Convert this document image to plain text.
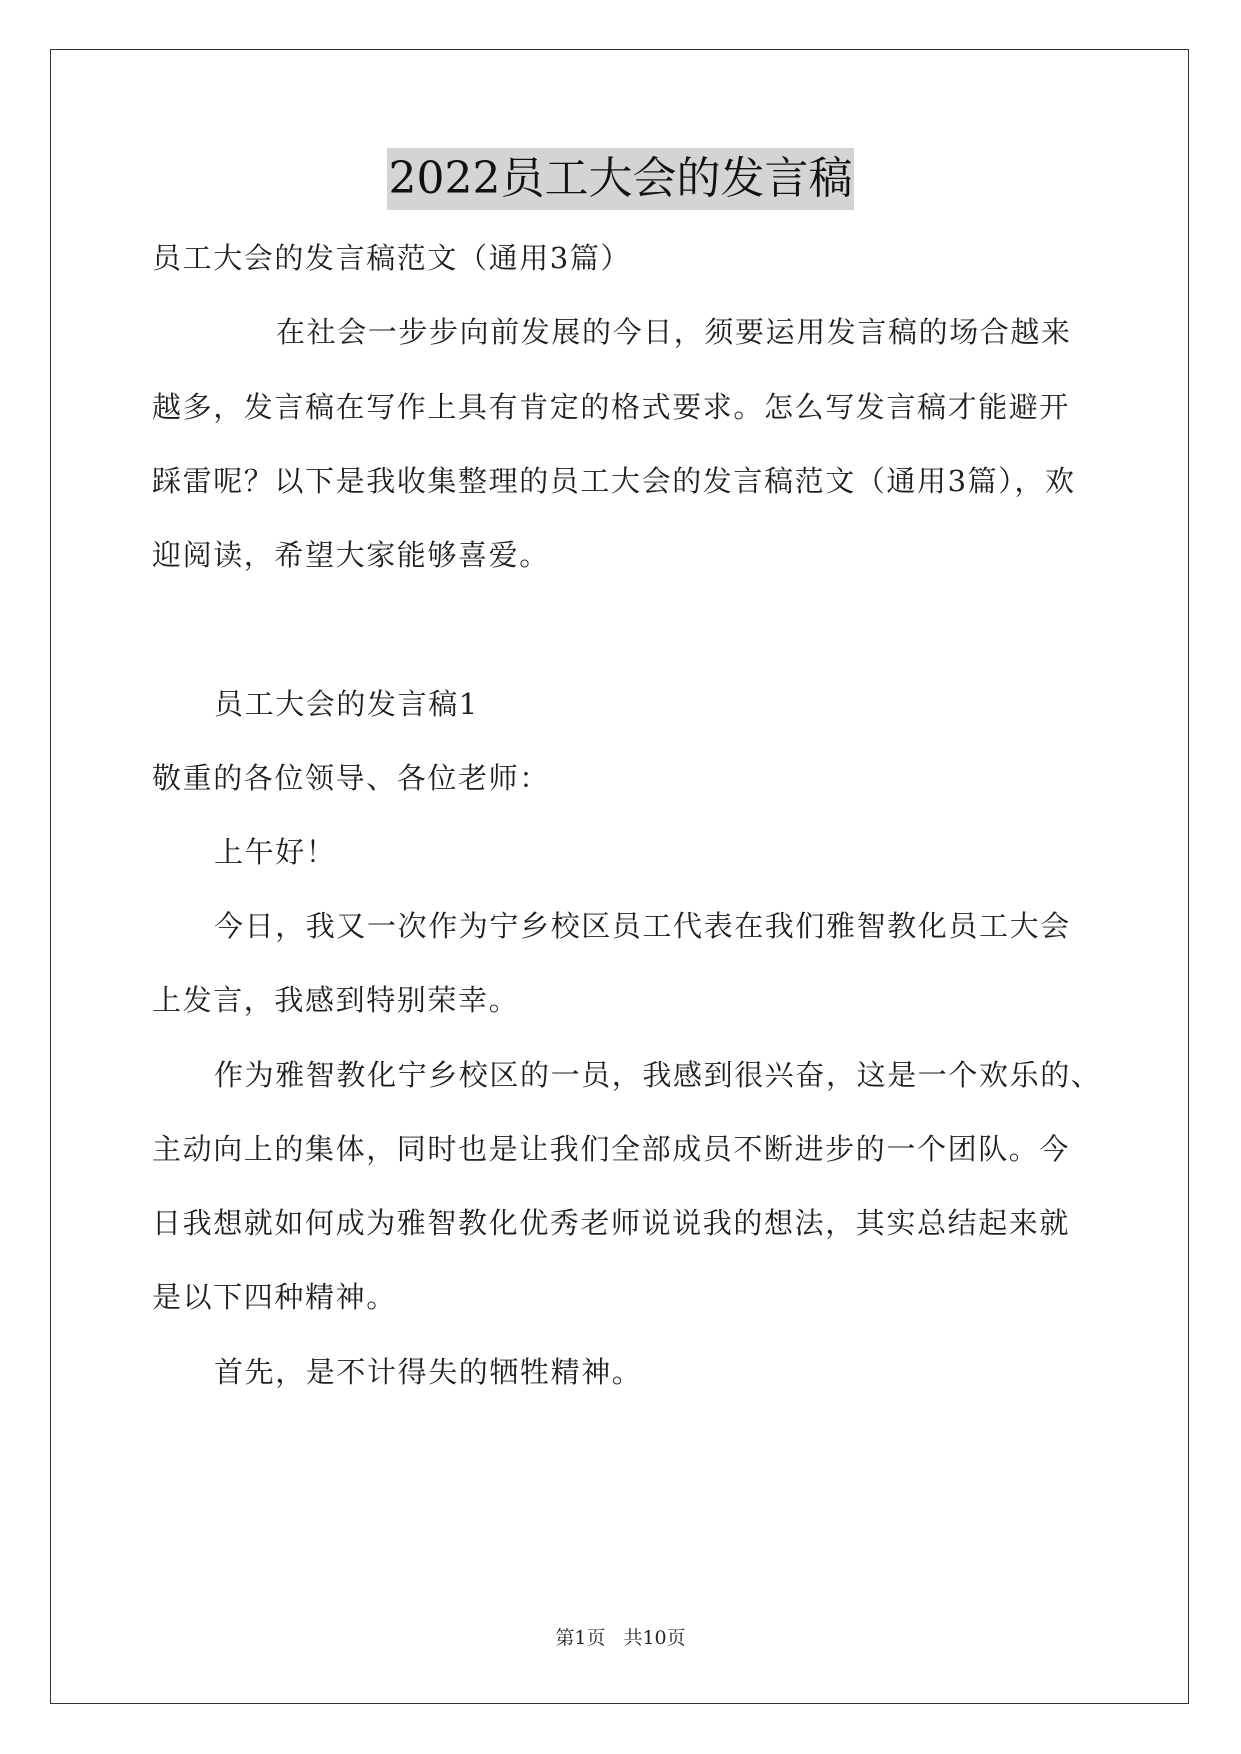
2022员工大会的发言稿
员工大会的发言稿范文（通用3篇）
在社会一步步向前发展的今日，须要运用发言稿的场合越来
越多，发言稿在写作上具有肯定的格式要求。怎么写发言稿才能避开
踩雷呢？以下是我收集整理的员工大会的发言稿范文（通用3篇），欢
迎阅读，希望大家能够喜爱。
员工大会的发言稿1
敬重的各位领导、各位老师：
上午好！
今日，我又一次作为宁乡校区员工代表在我们雅智教化员工大会
上发言，我感到特别荣幸。
作为雅智教化宁乡校区的一员，我感到很兴奋，这是一个欢乐的、
主动向上的集体，同时也是让我们全部成员不断进步的一个团队。今
日我想就如何成为雅智教化优秀老师说说我的想法，其实总结起来就
是以下四种精神。
首先，是不计得失的牺牲精神。
第1页 共10页
